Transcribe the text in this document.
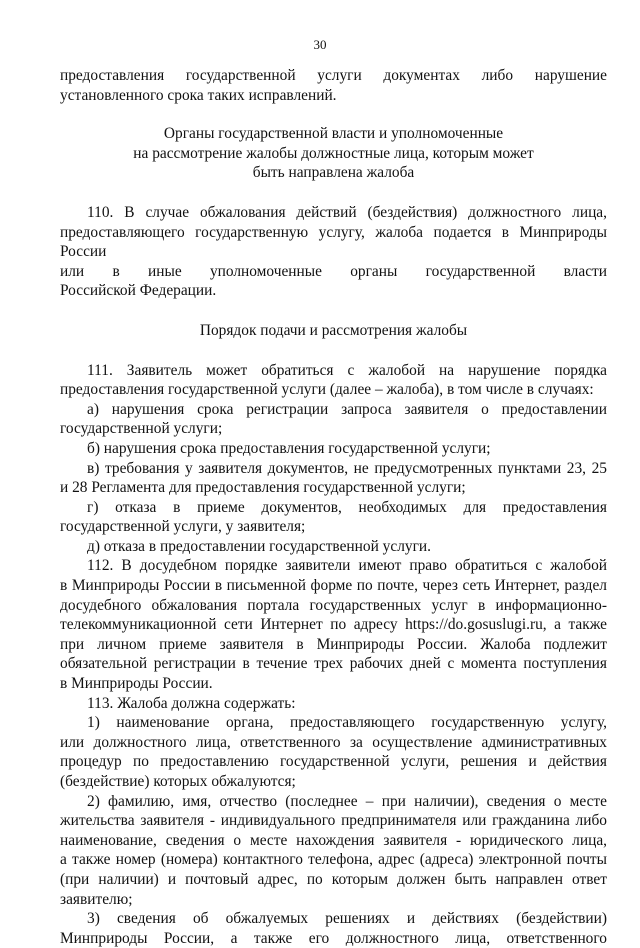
30
предоставления государственной услуги документах либо нарушение
установленного срока таких исправлений.
Органы государственной власти и уполномоченные
на рассмотрение жалобы должностные лица, которым может
быть направлена жалоба
110. В случае обжалования действий (бездействия) должностного лица,
предоставляющего государственную услугу, жалоба подается в Минприроды России
или в иные уполномоченные органы государственной власти
Российской Федерации.
Порядок подачи и рассмотрения жалобы
111. Заявитель может обратиться с жалобой на нарушение порядка
предоставления государственной услуги (далее – жалоба), в том числе в случаях:
а) нарушения срока регистрации запроса заявителя о предоставлении
государственной услуги;
б) нарушения срока предоставления государственной услуги;
в) требования у заявителя документов, не предусмотренных пунктами 23, 25
и 28 Регламента для предоставления государственной услуги;
г) отказа в приеме документов, необходимых для предоставления
государственной услуги, у заявителя;
д) отказа в предоставлении государственной услуги.
112. В досудебном порядке заявители имеют право обратиться с жалобой
в Минприроды России в письменной форме по почте, через сеть Интернет, раздел
досудебного обжалования портала государственных услуг в информационно-
телекоммуникационной сети Интернет по адресу https://do.gosuslugi.ru, а также
при личном приеме заявителя в Минприроды России. Жалоба подлежит
обязательной регистрации в течение трех рабочих дней с момента поступления
в Минприроды России.
113. Жалоба должна содержать:
1) наименование органа, предоставляющего государственную услугу,
или должностного лица, ответственного за осуществление административных
процедур по предоставлению государственной услуги, решения и действия
(бездействие) которых обжалуются;
2) фамилию, имя, отчество (последнее – при наличии), сведения о месте
жительства заявителя - индивидуального предпринимателя или гражданина либо
наименование, сведения о месте нахождения заявителя - юридического лица,
а также номер (номера) контактного телефона, адрес (адреса) электронной почты
(при наличии) и почтовый адрес, по которым должен быть направлен ответ
заявителю;
3) сведения об обжалуемых решениях и действиях (бездействии)
Минприроды России, а также его должностного лица, ответственного
